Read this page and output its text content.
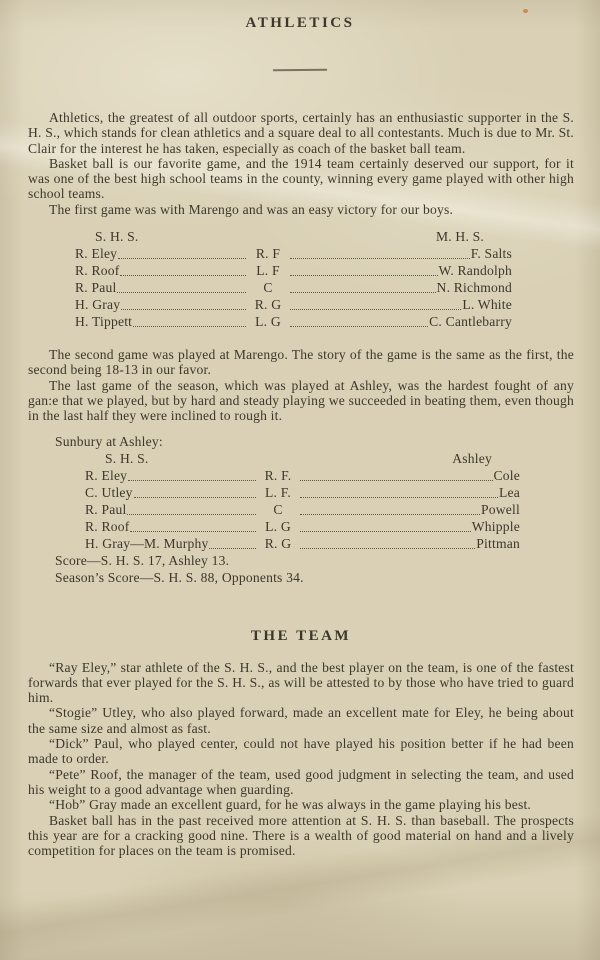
ATHLETICS

Athletics, the greatest of all outdoor sports, certainly has an enthusiastic supporter in the S. H. S., which stands for clean athletics and a square deal to all contestants. Much is due to Mr. St. Clair for the interest he has taken, especially as coach of the basket ball team.

Basket ball is our favorite game, and the 1914 team certainly deserved our support, for it was one of the best high school teams in the county, winning every game played with other high school teams.

The first game was with Marengo and was an easy victory for our boys.

S. H. S.	M. H. S.
R. Eley	R. F	F. Salts
R. Roof	L. F	W. Randolph
R. Paul	C	N. Richmond
H. Gray	R. G	L. White
H. Tippett	L. G	C. Cantlebarry

The second game was played at Marengo. The story of the game is the same as the first, the second being 18-13 in our favor.

The last game of the season, which was played at Ashley, was the hardest fought of any gan:e that we played, but by hard and steady playing we succeeded in beating them, even though in the last half they were inclined to rough it.

Sunbury at Ashley:

S. H. S.	Ashley
R. Eley	R. F.	Cole
C. Utley	L. F.	Lea
R. Paul	C	Powell
R. Roof	L. G	Whipple
H. Gray—M. Murphy	R. G	Pittman

Score—S. H. S. 17, Ashley 13.

Season’s Score—S. H. S. 88, Opponents 34.

THE TEAM

“Ray Eley,” star athlete of the S. H. S., and the best player on the team, is one of the fastest forwards that ever played for the S. H. S., as will be attested to by those who have tried to guard him.

“Stogie” Utley, who also played forward, made an excellent mate for Eley, he being about the same size and almost as fast.

“Dick” Paul, who played center, could not have played his position better if he had been made to order.

“Pete” Roof, the manager of the team, used good judgment in selecting the team, and used his weight to a good advantage when guarding.

“Hob” Gray made an excellent guard, for he was always in the game playing his best.

Basket ball has in the past received more attention at S. H. S. than baseball. The prospects this year are for a cracking good nine. There is a wealth of good material on hand and a lively competition for places on the team is promised.
